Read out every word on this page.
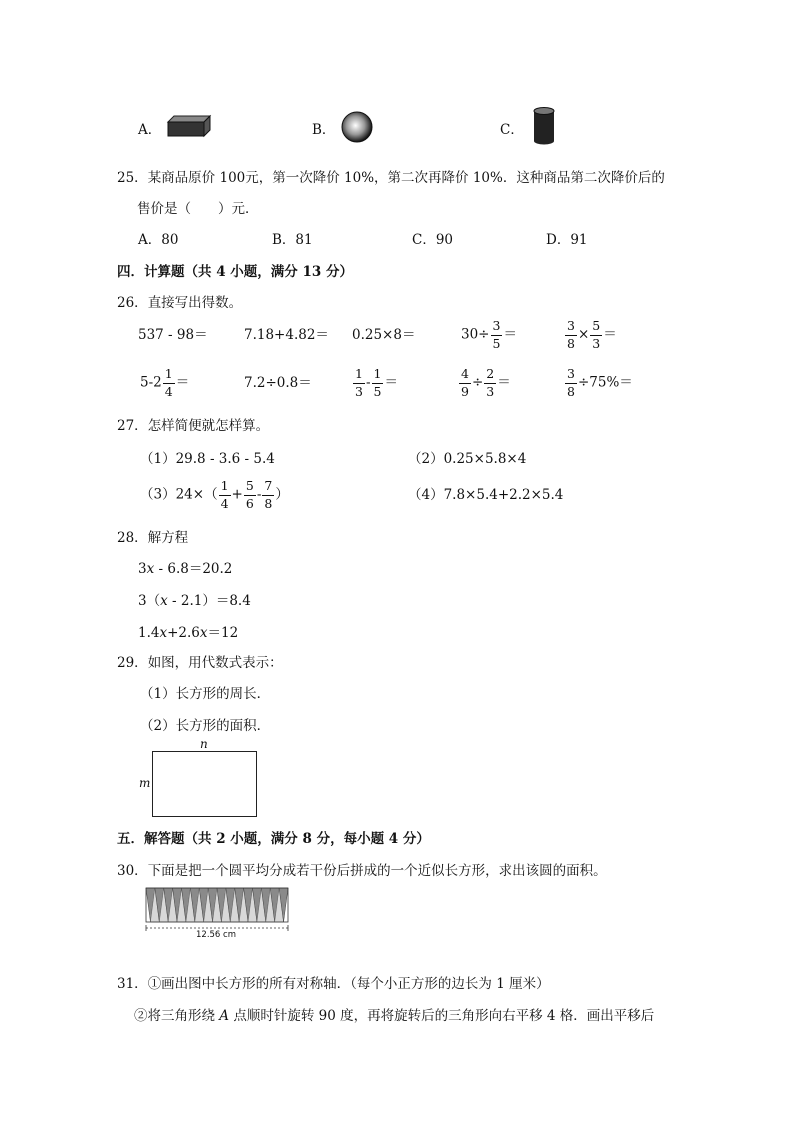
A．	B．	C．
25．某商品原价 100元，第一次降价 10%，第二次再降价 10%．这种商品第二次降价后的
售价是（　　）元．
A．80	B．81	C．90	D．91
四．计算题（共 4 小题，满分 13 分）
26．直接写出得数。
537 - 98＝	7.18+4.82＝ 0.25×8＝	$30\div \frac{3}{5}$ ＝	$\frac{3}{8} \times \frac{5}{3}$ ＝
$5-2 \frac{1}{4}$ ＝	7.2÷0.8＝	$\frac{1}{3} - \frac{1}{5}$ ＝	$\frac{4}{9} \div \frac{2}{3}$ ＝	$\frac{3}{8} \div 75\%=$
27．怎样简便就怎样算。
（1）29.8 - 3.6 - 5.4	（2）0.25×5.8×4
$(3)24\times( \frac{1}{4} + \frac{5}{6} - \frac{7}{8}$ ）	（4）7.8×5.4+2.2×5.4
28．解方程
3x - 6.8＝20.2
3（x - 2.1）＝8.4
1.4x+2.6x＝12
29．如图，用代数式表示：
（1）长方形的周长．
（2）长方形的面积．
n
m
五．解答题（共 2 小题，满分 8 分，每小题 4 分）
30．下面是把一个圆平均分成若干份后拼成的一个近似长方形，求出该圆的面积。
12.56 cm
31．①画出图中长方形的所有对称轴．（每个小正方形的边长为 1 厘米）
②将三角形绕 A 点顺时针旋转 90 度，再将旋转后的三角形向右平移 4 格．画出平移后
